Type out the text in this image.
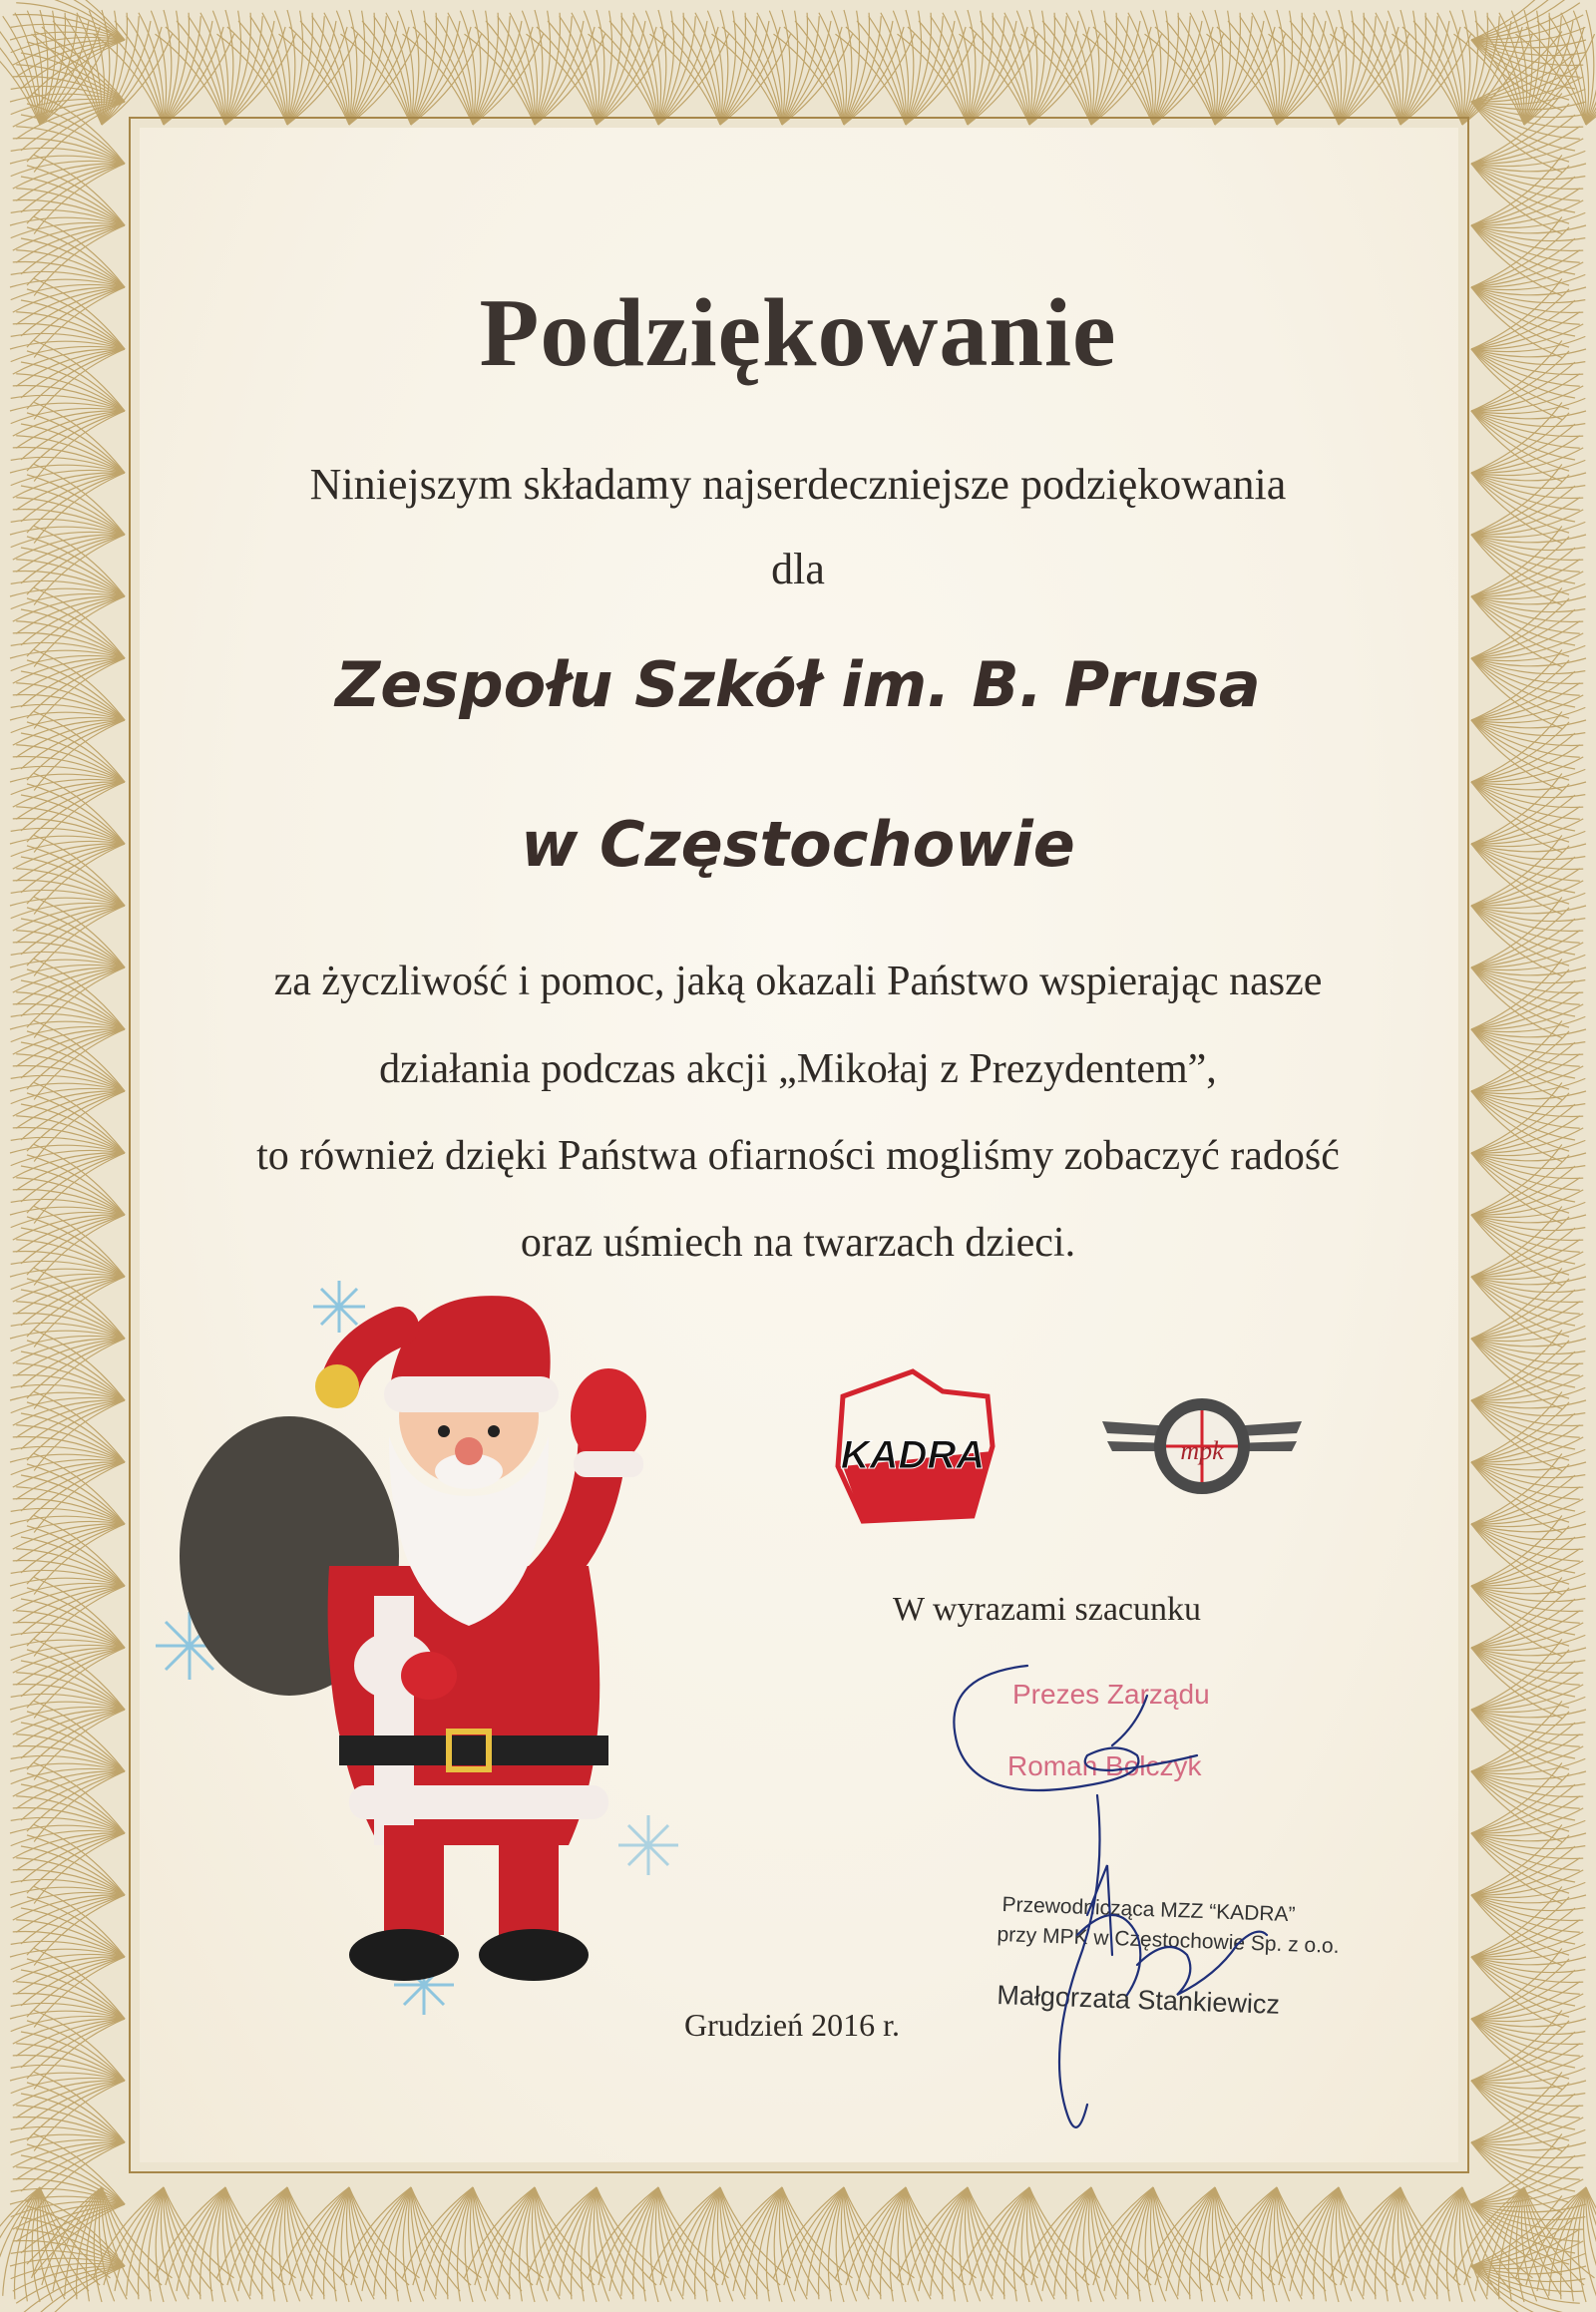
Podziękowanie
Niniejszym składamy najserdeczniejsze podziękowania
dla
Zespołu Szkół im. B. Prusa
w Częstochowie
za życzliwość i pomoc, jaką okazali Państwo wspierając nasze
działania podczas akcji „Mikołaj z Prezydentem”,
to również dzięki Państwa ofiarności mogliśmy zobaczyć radość
oraz uśmiech na twarzach dzieci.
KADRA	mpk
W wyrazami szacunku
Prezes Zarządu
Roman Bolczyk
Przewodnicząca MZZ “KADRA”
przy MPK w Częstochowie Sp. z o.o.
Małgorzata Stankiewicz
Grudzień 2016 r.
